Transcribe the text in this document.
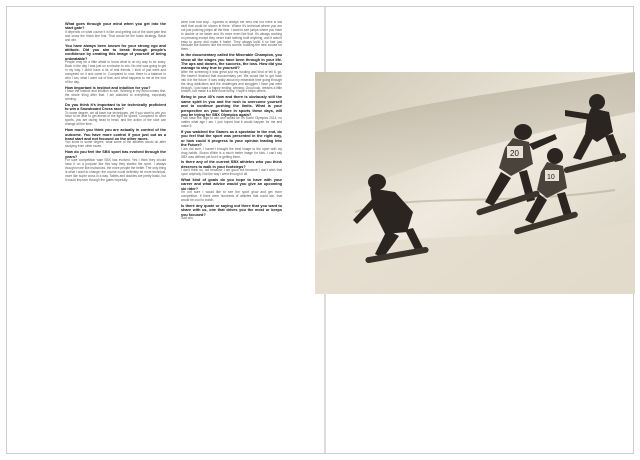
What goes through your mind when you get into the start gate?
It depends on what course it is like and getting out of the start gate first and cross the finish line first. That would be the basic strategy. Basic and win.
You have always been known for your strong ego and attitude. Did you aim to break through people's confidence by creating this image of yourself of being unbeatable?
People may be a little afraid to know what is on my way to be scary. Back in the day I was just on a mission to win. No one was going to get in my way. I didn't have a lot of real friends. I kind of just went and competed on it and came in. Compared to now, there is a balance in who I am, what I want out of that, and what happens to me at the end of the day.
How important is instinct and intuition for you?
I have the instinct and intuition to win. Winning in my mind comes first, the whole thing after that. I am addicted to everything, especially winning.
Do you think it's important to be technically proficient to win a Snowboard Cross race?
To some degree, we all have our techniques, yet if you want to win you have to be able to get ahead of the fight for speed. Compared to other sports, you are racing head to head, and the action of the race can change all the time.
How much you think you are actually in control of the outcome. You have more control if your just out as a head start and not focused on the other races.
You know to some degree, what some of the athletes would do after studying from other races.
How do you feel the SBX sport has evolved through the years?
For sure competition wise SBX has evolved. Yes I think they should have it on a purpose like this way they started the sport. I always thought more like motocross, the more people the better. The only thing is what I want to change: the course could definitely be more technical, more like super cross in a way. Tables and doubles are pretty basic, but it would improve through the gates hopefully.
were built that way... Xgames is always the best one but there is still stuff that could be shown in there. Where it's technical where you are not just pushing jumps all the time. I want to see jumps where you have to double or be faster and it's more even like that. It's always working on pressing except they never built nothing built anything, and it wasn't easy to pump and make it faster. They always build it so fast just because the women ride the men's course, building the new course for them.
In the documentary called the Miserable Champion, you show all the stages you have been through in your life. The ups and downs, the success, the loss. How did you manage to stay true to yourself?
After the screening it was great just my funding and kind of tell it, go. We haven't finished that documentary yet. We would like to get back into it in the future. It was really about my miserable time going through the drug addictions and the challenges and struggles I have just went through. I just want a happy ending, winning. Good luck, dreams a little broken, but made it a little more funny. I hope it helps others.
Being in your 40's now and there is obviously still the same spirit in you and the rush to overcome yourself and to continue pushing the limits. What is your perspective on your future in sports these days, will you be trying for SBX Olympics again?
I still have the urge to win and would be on Sochi Olympics 2014, no matter what age I am. I just hoped that it would happen for me and make it.
If you watched the Games as a spectator in the end, do you feel that the sport was presented in the right way, or how could it progress to your opinion leading into the Future?
I am not sure, I haven't brought the best image to the sport with my drug habits. Shaun White is a much better image for kids. I can't say SBX was defined yet but it is getting there.
Is there any of the current SBX athletes who you think deserves to walk in your footsteps?
I don't think so, not because I am good but because I don't wish that upon anybody. Not the way I went through it all.
What kind of goals do you hope to have with your career and what advice would you give an upcoming ski rider?
I'm not sure I would like to see the sport grow and get more competitive. If there were hundreds of athletes that could win, that would be cool to watch.
Is there any quote or saying out there that you want to share with us, one that drives you the most or keeps you focused?
Just win.
20
10
